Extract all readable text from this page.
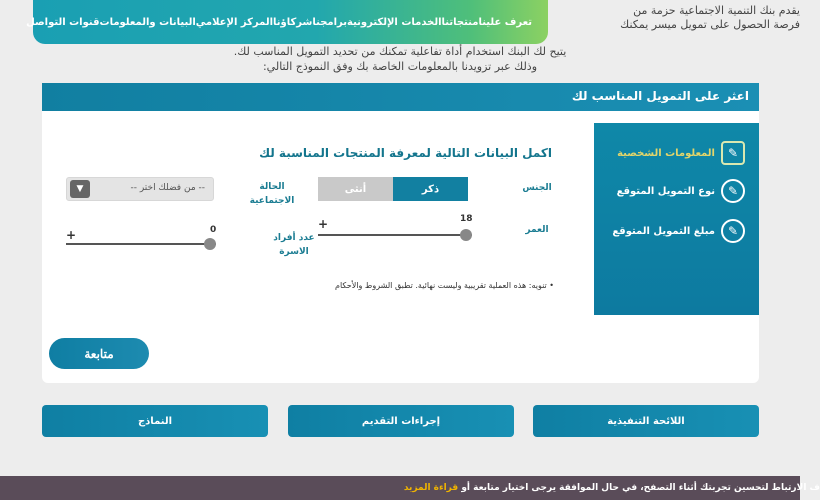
يقدم بنك التنمية الاجتماعية حزمة من
فرصة الحصول على تمويل ميسر يمكنك
يتيح لك البنك استخدام أداة تفاعلية تمكنك من تحديد التمويل المناسب لك.
وذلك عبر تزويدنا بالمعلومات الخاصة بك وفق النموذج التالي:
تعرف علينا
منتجاتنا
الخدمات الإلكترونية
برامجنا
شركاؤنا
المركز الإعلامي
البيانات والمعلومات
قنوات التواصل
اعثر على التمويل المناسب لك
✎
المعلومات الشخصية
✎
نوع التمويل المتوقع
✎
مبلغ التمويل المتوقع
اكمل البيانات التالية لمعرفة المنتجات المناسبة لك
الجنس
أنثى	ذكر
الحالة الاجتماعية
▼	-- من فضلك اختر --
العمر
+	18
عدد أفراد الاسرة
+	0
• تنويه: هذه العملية تقريبية وليست نهائية. تطبق الشروط والأحكام
متابعة
اللائحة التنفيذية
إجراءات التقديم
النماذج
ف الارتباط لتحسين تجربتك أثناء التصفح، في حال الموافقة يرجى اختيار متابعة أو قراءة المزيد
